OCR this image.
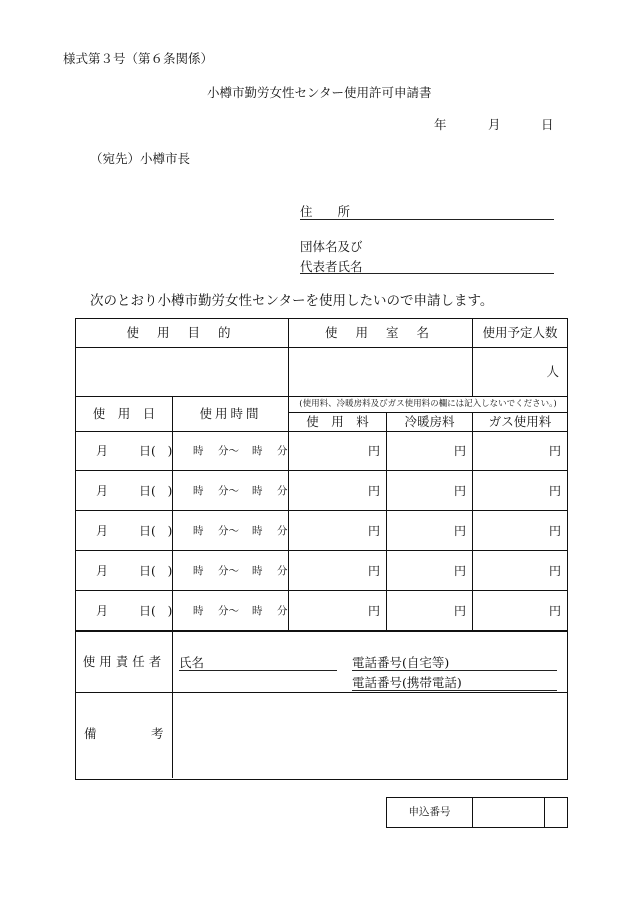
様式第３号（第６条関係）
小樽市勤労女性センター使用許可申請書
年	月	日
（宛先）小樽市長
住　　所
団体名及び
代表者氏名
次のとおり小樽市勤労女性センターを使用したいので申請します。
使 用 目 的	使 用 室 名	使用予定人数
人
使　用　日	使用時間
(使用料、冷暖房料及びガス使用料の欄には記入しないでください。)
使　用　料	冷暖房料	ガス使用料
月	日(　) 時 分～ 時 分	円	円	円
月	日(　) 時 分～ 時 分	円	円	円
月	日(　) 時 分～ 時 分	円	円	円
月	日(　) 時 分～ 時 分	円	円	円
月	日(　) 時 分～ 時 分	円	円	円
使用責任者	氏名	電話番号(自宅等)
電話番号(携帯電話)
備	考
申込番号
